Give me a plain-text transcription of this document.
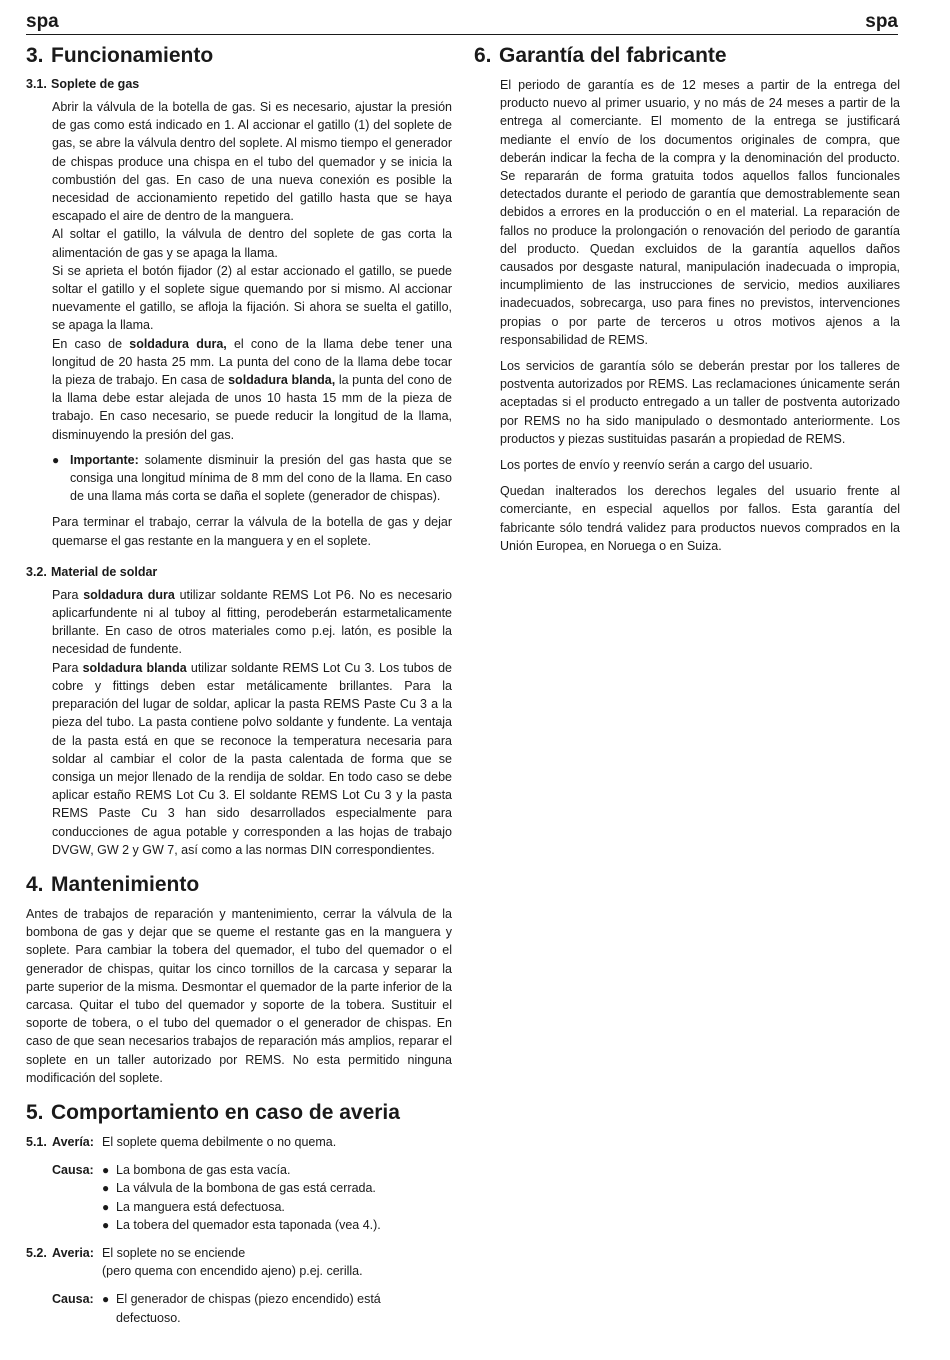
spa	spa
3. Funcionamiento
3.1. Soplete de gas

Abrir la válvula de la botella de gas. Si es necesario, ajustar la presión de gas como está indicado en 1. Al accionar el gatillo (1) del soplete de gas, se abre la válvula dentro del soplete. Al mismo tiempo el generador de chispas produce una chispa en el tubo del quemador y se inicia la combustión del gas. En caso de una nueva conexión es posible la necesidad de accionamiento repetido del gatillo hasta que se haya escapado el aire de dentro de la manguera.

Al soltar el gatillo, la válvula de dentro del soplete de gas corta la alimentación de gas y se apaga la llama.

Si se aprieta el botón fijador (2) al estar accionado el gatillo, se puede soltar el gatillo y el soplete sigue quemando por si mismo. Al accionar nuevamente el gatillo, se afloja la fijación. Si ahora se suelta el gatillo, se apaga la llama.

En caso de soldadura dura, el cono de la llama debe tener una longitud de 20 hasta 25 mm. La punta del cono de la llama debe tocar la pieza de trabajo. En casa de soldadura blanda, la punta del cono de la llama debe estar alejada de unos 10 hasta 15 mm de la pieza de trabajo. En caso necesario, se puede reducir la longitud de la llama, disminuyendo la presión del gas.

● Importante: solamente disminuir la presión del gas hasta que se consiga una longitud mínima de 8 mm del cono de la llama. En caso de una llama más corta se daña el soplete (generador de chispas).

Para terminar el trabajo, cerrar la válvula de la botella de gas y dejar quemarse el gas restante en la manguera y en el soplete.

3.2. Material de soldar

Para soldadura dura utilizar soldante REMS Lot P6. No es necesario aplicarfundente ni al tuboy al fitting, perodeberán estarmetalicamente brillante. En caso de otros materiales como p.ej. latón, es posible la necesidad de fundente.

Para soldadura blanda utilizar soldante REMS Lot Cu 3. Los tubos de cobre y fittings deben estar metálicamente brillantes. Para la preparación del lugar de soldar, aplicar la pasta REMS Paste Cu 3 a la pieza del tubo. La pasta contiene polvo soldante y fundente. La ventaja de la pasta está en que se reconoce la temperatura necesaria para soldar al cambiar el color de la pasta calentada de forma que se consiga un mejor llenado de la rendija de soldar. En todo caso se debe aplicar estaño REMS Lot Cu 3. El soldante REMS Lot Cu 3 y la pasta REMS Paste Cu 3 han sido desarrollados especialmente para conducciones de agua potable y corresponden a las hojas de trabajo DVGW, GW 2 y GW 7, así como a las normas DIN correspondientes.

4. Mantenimiento

Antes de trabajos de reparación y mantenimiento, cerrar la válvula de la bombona de gas y dejar que se queme el restante gas en la manguera y soplete. Para cambiar la tobera del quemador, el tubo del quemador o el generador de chispas, quitar los cinco tornillos de la carcasa y separar la parte superior de la misma. Desmontar el quemador de la parte inferior de la carcasa. Quitar el tubo del quemador y soporte de la tobera. Sustituir el soporte de tobera, o el tubo del quemador o el generador de chispas. En caso de que sean necesarios trabajos de reparación más amplios, reparar el soplete en un taller autorizado por REMS. No esta permitido ninguna modificación del soplete.

5. Comportamiento en caso de averia
5.1. Avería: El soplete quema debilmente o no quema.
Causa: ● La bombona de gas esta vacía.
● La válvula de la bombona de gas está cerrada.
● La manguera está defectuosa.
● La tobera del quemador esta taponada (vea 4.).
5.2. Averia: El soplete no se enciende
(pero quema con encendido ajeno) p.ej. cerilla.
Causa: ● El generador de chispas (piezo encendido) está defectuoso.
6. Garantía del fabricante

El periodo de garantía es de 12 meses a partir de la entrega del producto nuevo al primer usuario, y no más de 24 meses a partir de la entrega al comerciante. El momento de la entrega se justificará mediante el envío de los documentos originales de compra, que deberán indicar la fecha de la compra y la denominación del producto. Se repararán de forma gratuita todos aquellos fallos funcionales detectados durante el periodo de garantía que demostrablemente sean debidos a errores en la producción o en el material. La reparación de fallos no produce la prolongación o renovación del periodo de garantía del producto. Quedan excluidos de la garantía aquellos daños causados por desgaste natural, manipulación inadecuada o impropia, incumplimiento de las instrucciones de servicio, medios auxiliares inadecuados, sobrecarga, uso para fines no previstos, intervenciones propias o por parte de terceros u otros motivos ajenos a la responsabilidad de REMS.

Los servicios de garantía sólo se deberán prestar por los talleres de postventa autorizados por REMS. Las reclamaciones únicamente serán aceptadas si el producto entregado a un taller de postventa autorizado por REMS no ha sido manipulado o desmontado anteriormente. Los productos y piezas sustituidas pasarán a propiedad de REMS.

Los portes de envío y reenvío serán a cargo del usuario.

Quedan inalterados los derechos legales del usuario frente al comerciante, en especial aquellos por fallos. Esta garantía del fabricante sólo tendrá validez para productos nuevos comprados en la Unión Europea, en Noruega o en Suiza.
